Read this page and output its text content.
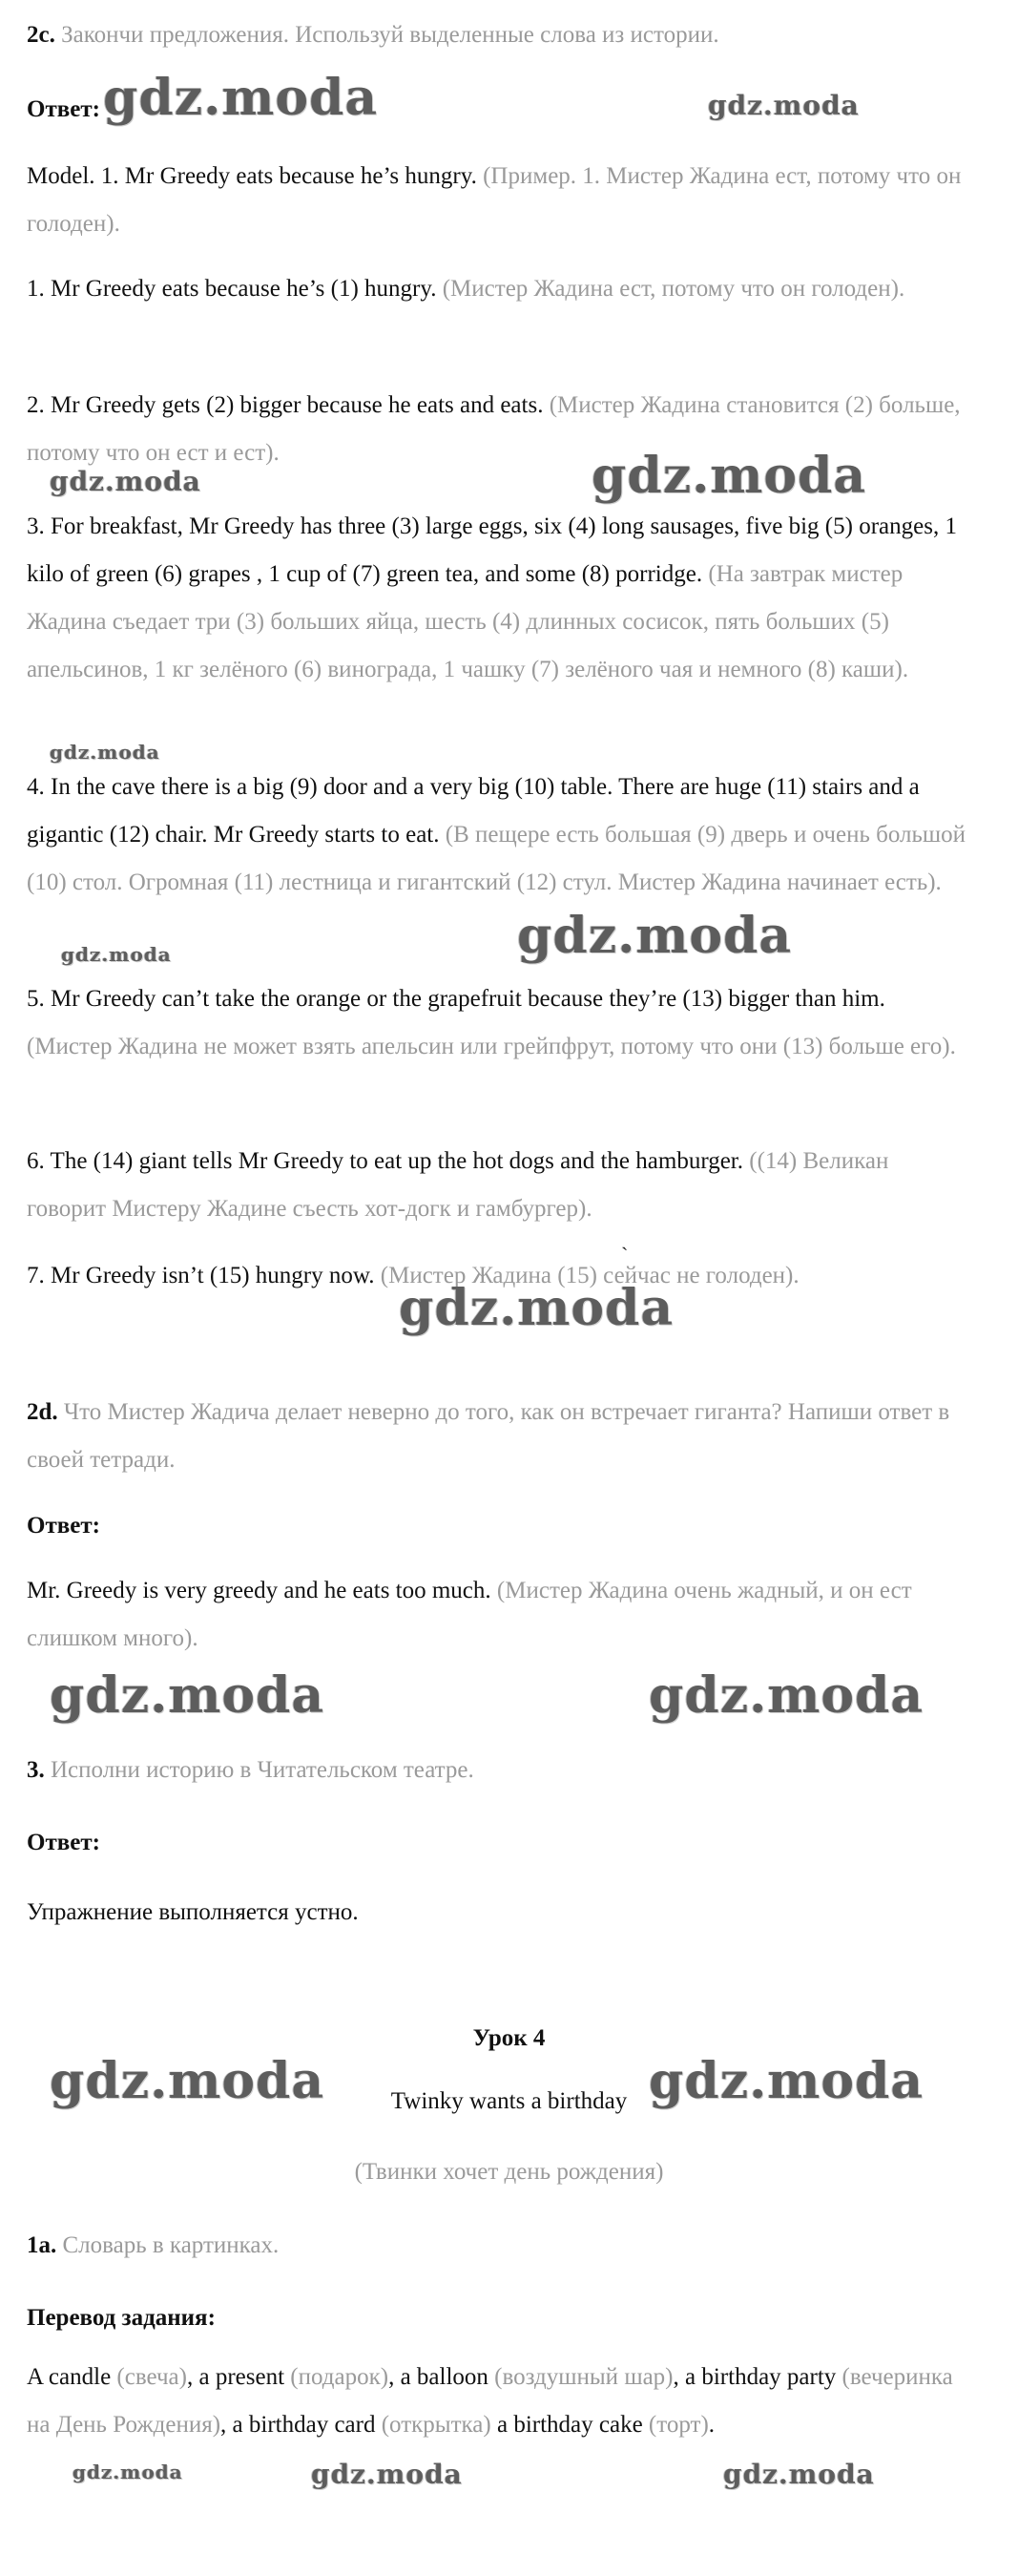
2c. Закончи предложения. Используй выделенные слова из истории.
Ответ:
Model. 1. Mr Greedy eats because he’s hungry. (Пример. 1. Мистер Жадина ест, потому что он голоден).
1. Mr Greedy eats because he’s (1) hungry. (Мистер Жадина ест, потому что он голоден).
2. Mr Greedy gets (2) bigger because he eats and eats. (Мистер Жадина становится (2) больше, потому что он ест и ест).
3. For breakfast, Mr Greedy has three (3) large eggs, six (4) long sausages, five big (5) oranges, 1 kilo of green (6) grapes , 1 cup of (7) green tea, and some (8) porridge. (На завтрак мистер Жадина съедает три (3) больших яйца, шесть (4) длинных сосисок, пять больших (5) апельсинов, 1 кг зелёного (6) винограда, 1 чашку (7) зелёного чая и немного (8) каши).
4. In the cave there is a big (9) door and a very big (10) table. There are huge (11) stairs and a gigantic (12) chair. Mr Greedy starts to eat. (В пещере есть большая (9) дверь и очень большой (10) стол. Огромная (11) лестница и гигантский (12) стул. Мистер Жадина начинает есть).
5. Mr Greedy can’t take the orange or the grapefruit because they’re (13) bigger than him. (Мистер Жадина не может взять апельсин или грейпфрут, потому что они (13) больше его).
6. The (14) giant tells Mr Greedy to eat up the hot dogs and the hamburger. ((14) Великан говорит Мистеру Жадине съесть хот-догк и гамбургер).
7. Mr Greedy isn’t (15) hungry now. (Мистер Жадина (15) сейчас не голоден).
`
2d. Что Мистер Жадича делает неверно до того, как он встречает гиганта? Напиши ответ в своей тетради.
Ответ:
Mr. Greedy is very greedy and he eats too much. (Мистер Жадина очень жадный, и он ест слишком много).
3. Исполни историю в Читательском театре.
Ответ:
Упражнение выполняется устно.
Урок 4
Twinky wants a birthday
(Твинки хочет день рождения)
1a. Словарь в картинках.
Перевод задания:
A candle (свеча), a present (подарок), a balloon (воздушный шар), a birthday party (вечеринка на День Рождения), a birthday card (открытка) a birthday cake (торт).
gdz.moda	gdz.moda
gdz.moda	gdz.moda
gdz.moda
gdz.moda	gdz.moda
gdz.moda
gdz.moda	gdz.moda
gdz.moda	gdz.moda
gdz.moda	gdz.moda	gdz.moda
